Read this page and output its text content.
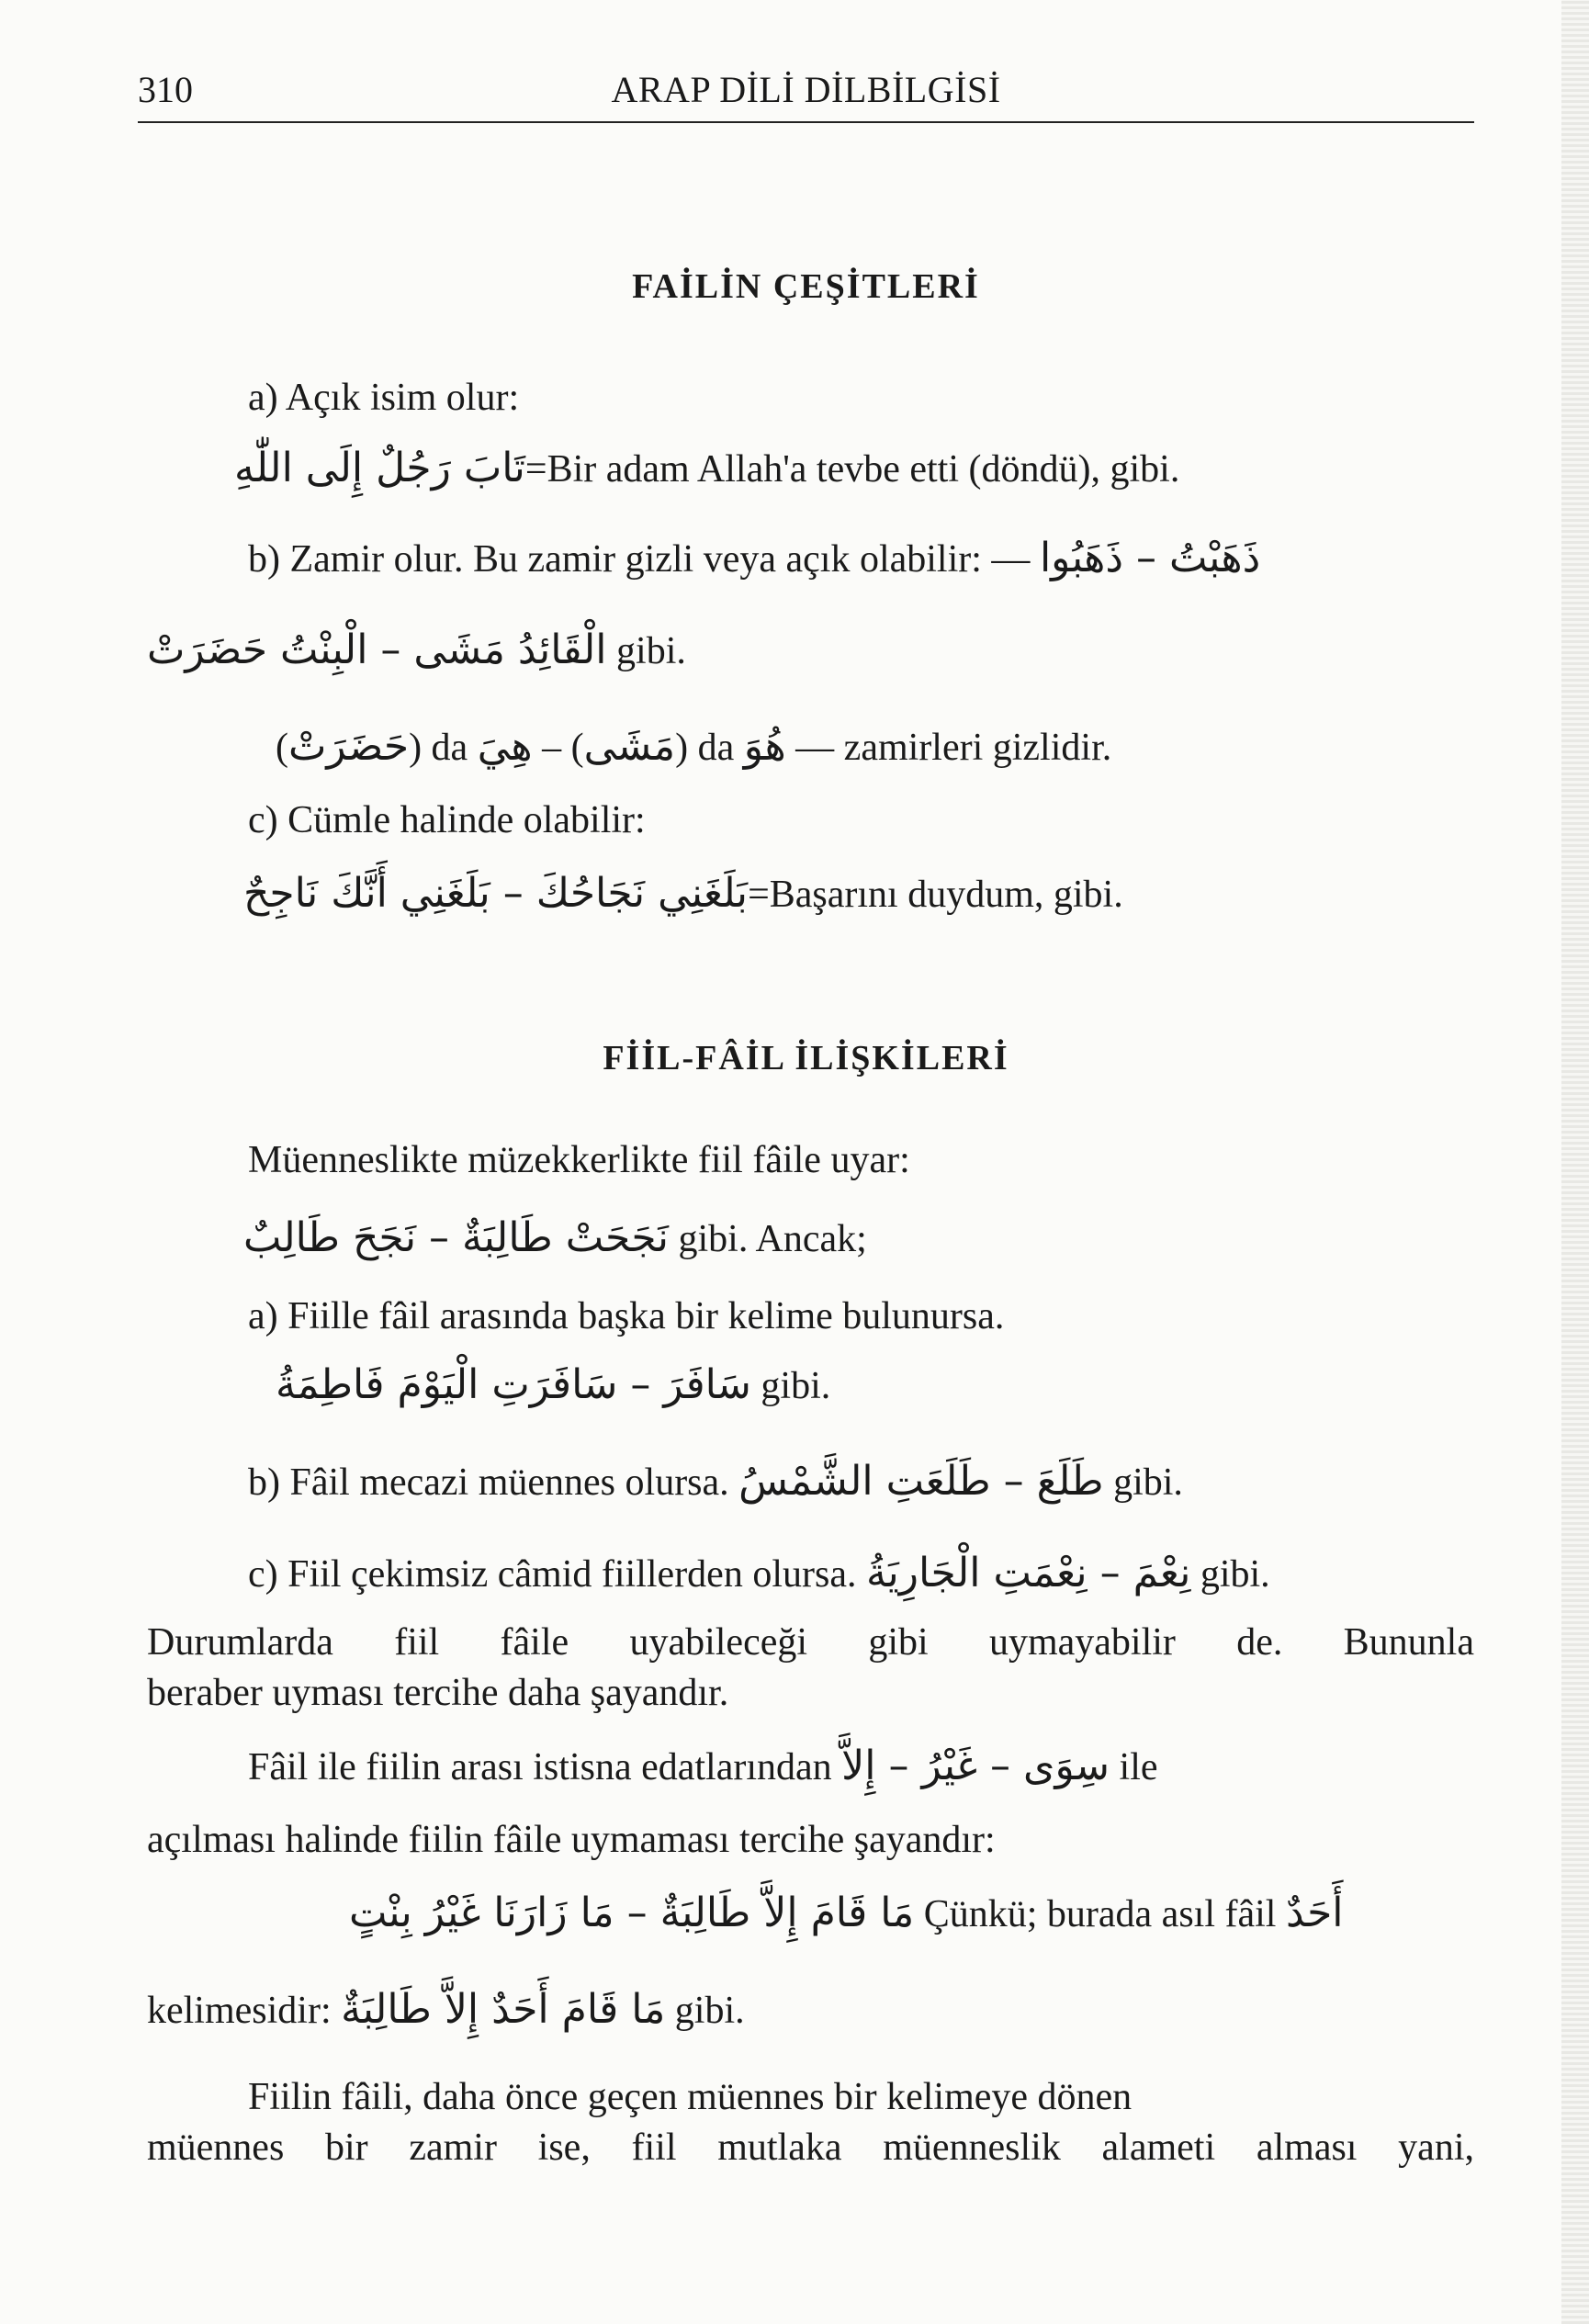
310	ARAP DİLİ DİLBİLGİSİ
FAİLİN ÇEŞİTLERİ
a) Açık isim olur:
تَابَ رَجُلٌ إِلَى اللّٰهِ=Bir adam Allah'a tevbe etti (döndü), gibi.
b) Zamir olur. Bu zamir gizli veya açık olabilir: — ذَهَبْتُ – ذَهَبُوا
الْقَائِدُ مَشَى – الْبِنْتُ حَضَرَتْ gibi.
(حَضَرَتْ) da هِيَ – (مَشَى) da هُوَ — zamirleri gizlidir.
c) Cümle halinde olabilir:
بَلَغَنِي نَجَاحُكَ – بَلَغَنِي أَنَّكَ نَاجِحٌ=Başarını duydum, gibi.
FİİL-FÂİL İLİŞKİLERİ
Müenneslikte müzekkerlikte fiil fâile uyar:
نَجَحَتْ طَالِبَةٌ – نَجَحَ طَالِبٌ gibi. Ancak;
a) Fiille fâil arasında başka bir kelime bulunursa.
سَافَرَ – سَافَرَتِ الْيَوْمَ فَاطِمَةُ gibi.
b) Fâil mecazi müennes olursa. طَلَعَ – طَلَعَتِ الشَّمْسُ gibi.
c) Fiil çekimsiz câmid fiillerden olursa. نِعْمَ – نِعْمَتِ الْجَارِيَةُ gibi.
Durumlarda fiil fâile uyabileceği gibi uymayabilir de. Bununla
beraber uyması tercihe daha şayandır.
Fâil ile fiilin arası istisna edatlarından سِوَى – غَيْرُ – إِلاَّ ile
açılması halinde fiilin fâile uymaması tercihe şayandır:
مَا قَامَ إِلاَّ طَالِبَةٌ – مَا زَارَنَا غَيْرُ بِنْتٍ Çünkü; burada asıl fâil أَحَدٌ
kelimesidir: مَا قَامَ أَحَدٌ إِلاَّ طَالِبَةٌ gibi.
Fiilin fâili, daha önce geçen müennes bir kelimeye dönen
müennes bir zamir ise, fiil mutlaka müenneslik alameti alması yani,
